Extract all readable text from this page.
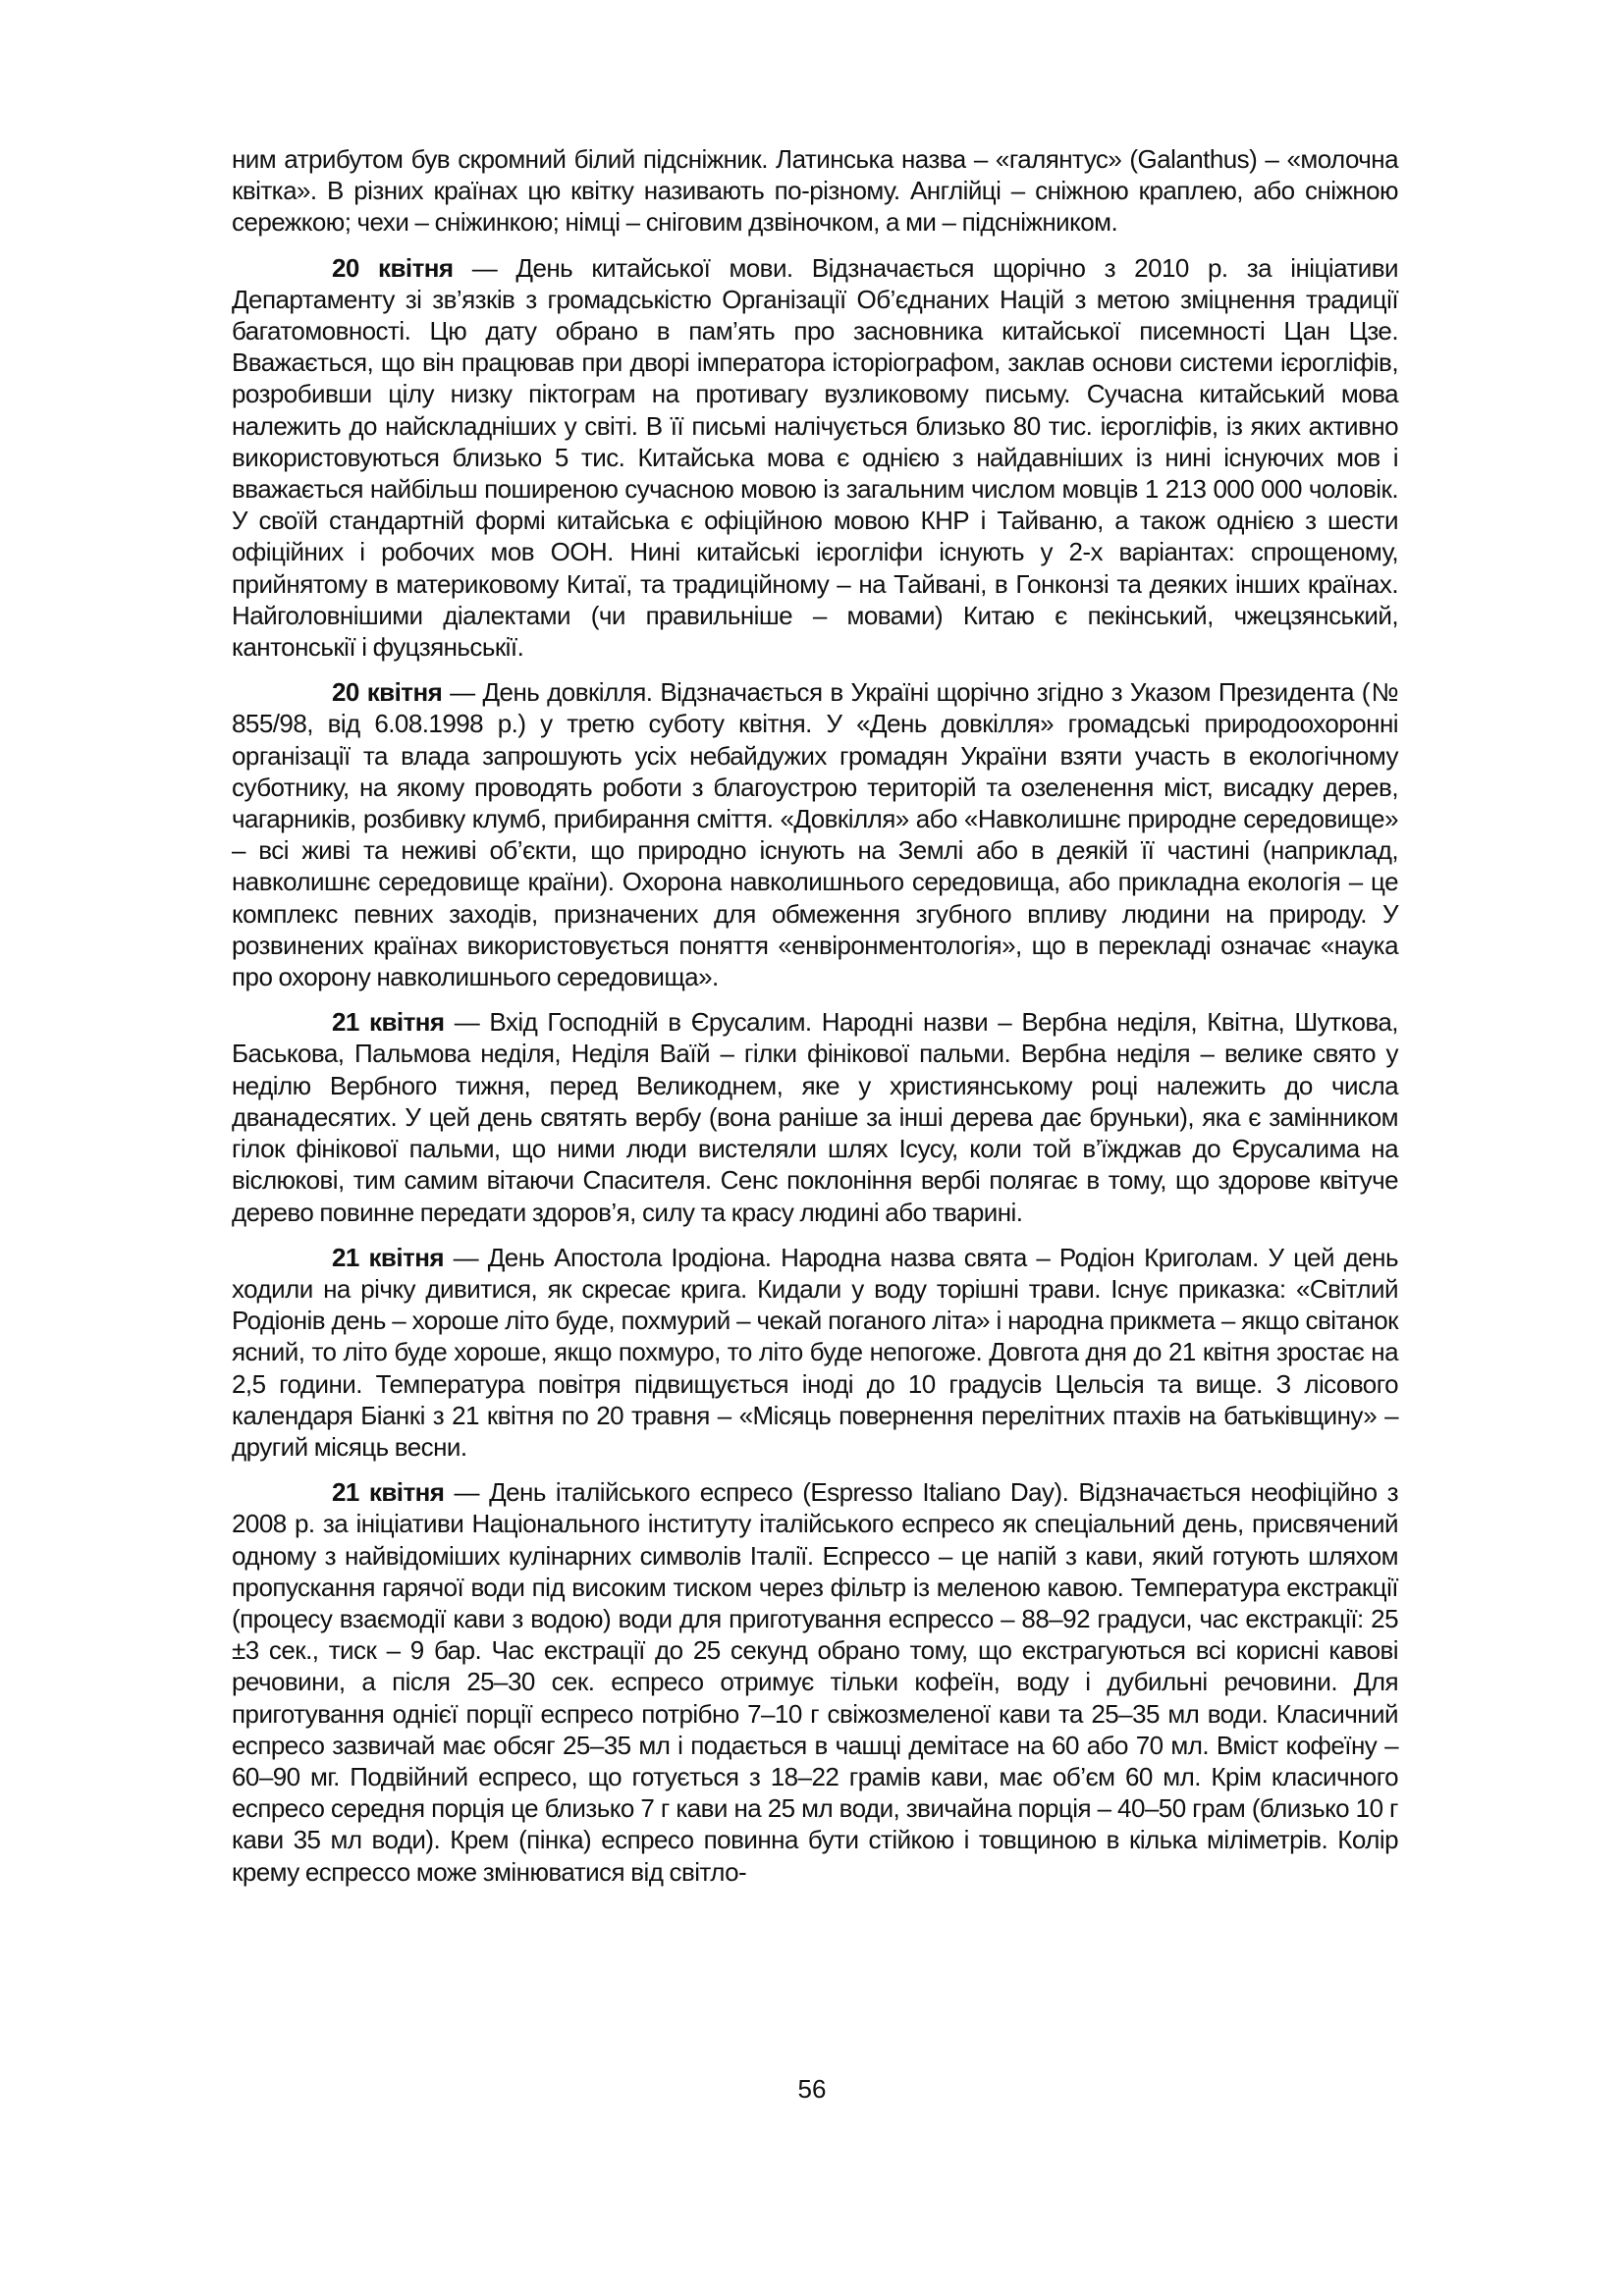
ним атрибутом був скромний білий підсніжник. Латинська назва – «галянтус» (Galanthus) – «молочна квітка». В різних країнах цю квітку називають по-різному. Англійці – сніжною краплею, або сніжною сережкою; чехи – сніжинкою; німці – сніговим дзвіночком, а ми – підсніжником.

20 квітня — День китайської мови. Відзначається щорічно з 2010 р. за ініціативи Департаменту зі зв’язків з громадськістю Організації Об’єднаних Націй з метою зміцнення традиції багатомовності. Цю дату обрано в пам’ять про засновника китайської писемності Цан Цзе. Вважається, що він працював при дворі імператора історіографом, заклав основи системи ієрогліфів, розробивши цілу низку піктограм на противагу вузликовому письму. Сучасна китайський мова належить до найскладніших у світі. В її письмі налічується близько 80 тис. ієрогліфів, із яких активно використовуються близько 5 тис. Китайська мова є однією з найдавніших із нині існуючих мов і вважається найбільш поширеною сучасною мовою із загальним числом мовців 1 213 000 000 чоловік. У своїй стандартній формі китайська є офіційною мовою КНР і Тайваню, а також однією з шести офіційних і робочих мов ООН. Нині китайські ієрогліфи існують у 2-х варіантах: спрощеному, прийнятому в материковому Китаї, та традиційному – на Тайвані, в Гонконзі та деяких інших країнах. Найголовнішими діалектами (чи правильніше – мовами) Китаю є пекінський, чжецзянський, кантонськії і фуцзяньськії.

20 квітня — День довкілля. Відзначається в Україні щорічно згідно з Указом Президента (№ 855/98, від 6.08.1998 р.) у третю суботу квітня. У «День довкілля» громадські природоохоронні організації та влада запрошують усіх небайдужих громадян України взяти участь в екологічному суботнику, на якому проводять роботи з благоустрою територій та озеленення міст, висадку дерев, чагарників, розбивку клумб, прибирання сміття. «Довкілля» або «Навколишнє природне середовище» – всі живі та неживі об’єкти, що природно існують на Землі або в деякій її частині (наприклад, навколишнє середовище країни). Охорона навколишнього середовища, або прикладна екологія – це комплекс певних заходів, призначених для обмеження згубного впливу людини на природу. У розвинених країнах використовується поняття «енвіронментологія», що в перекладі означає «наука про охорону навколишнього середовища».

21 квітня — Вхід Господній в Єрусалим. Народні назви – Вербна неділя, Квітна, Шуткова, Баськова, Пальмова неділя, Неділя Ваїй – гілки фінікової пальми. Вербна неділя – велике свято у неділю Вербного тижня, перед Великоднем, яке у християнському році належить до числа дванадесятих. У цей день святять вербу (вона раніше за інші дерева дає бруньки), яка є замінником гілок фінікової пальми, що ними люди вистеляли шлях Ісусу, коли той в’їжджав до Єрусалима на віслюкові, тим самим вітаючи Спасителя. Сенс поклоніння вербі полягає в тому, що здорове квітуче дерево повинне передати здоров’я, силу та красу людині або тварині.

21 квітня — День Апостола Іродіона. Народна назва свята – Родіон Криголам. У цей день ходили на річку дивитися, як скресає крига. Кидали у воду торішні трави. Існує приказка: «Світлий Родіонів день – хороше літо буде, похмурий – чекай поганого літа» і народна прикмета – якщо світанок ясний, то літо буде хороше, якщо похмуро, то літо буде непогоже. Довгота дня до 21 квітня зростає на 2,5 години. Температура повітря підвищується іноді до 10 градусів Цельсія та вище. З лісового календаря Біанкі з 21 квітня по 20 травня – «Місяць повернення перелітних птахів на батьківщину» – другий місяць весни.

21 квітня — День італійського еспресо (Espresso Italiano Day). Відзначається неофіційно з 2008 р. за ініціативи Національного інституту італійського еспресо як спеціальний день, присвячений одному з найвідоміших кулінарних символів Італії. Еспрессо – це напій з кави, який готують шляхом пропускання гарячої води під високим тиском через фільтр із меленою кавою. Температура екстракції (процесу взаємодії кави з водою) води для приготування еспрессо – 88–92 градуси, час екстракції: 25 ±3 сек., тиск – 9 бар. Час екстрації до 25 секунд обрано тому, що екстрагуються всі корисні кавові речовини, а після 25–30 сек. еспресо отримує тільки кофеїн, воду і дубильні речовини. Для приготування однієї порції еспресо потрібно 7–10 г свіжозмеленої кави та 25–35 мл води. Класичний еспресо зазвичай має обсяг 25–35 мл і подається в чашці демітасе на 60 або 70 мл. Вміст кофеїну – 60–90 мг. Подвійний еспресо, що готується з 18–22 грамів кави, має об’єм 60 мл. Крім класичного еспресо середня порція це близько 7 г кави на 25 мл води, звичайна порція – 40–50 грам (близько 10 г кави 35 мл води). Крем (пінка) еспресо повинна бути стійкою і товщиною в кілька міліметрів. Колір крему еспрессо може змінюватися від світло-

56
